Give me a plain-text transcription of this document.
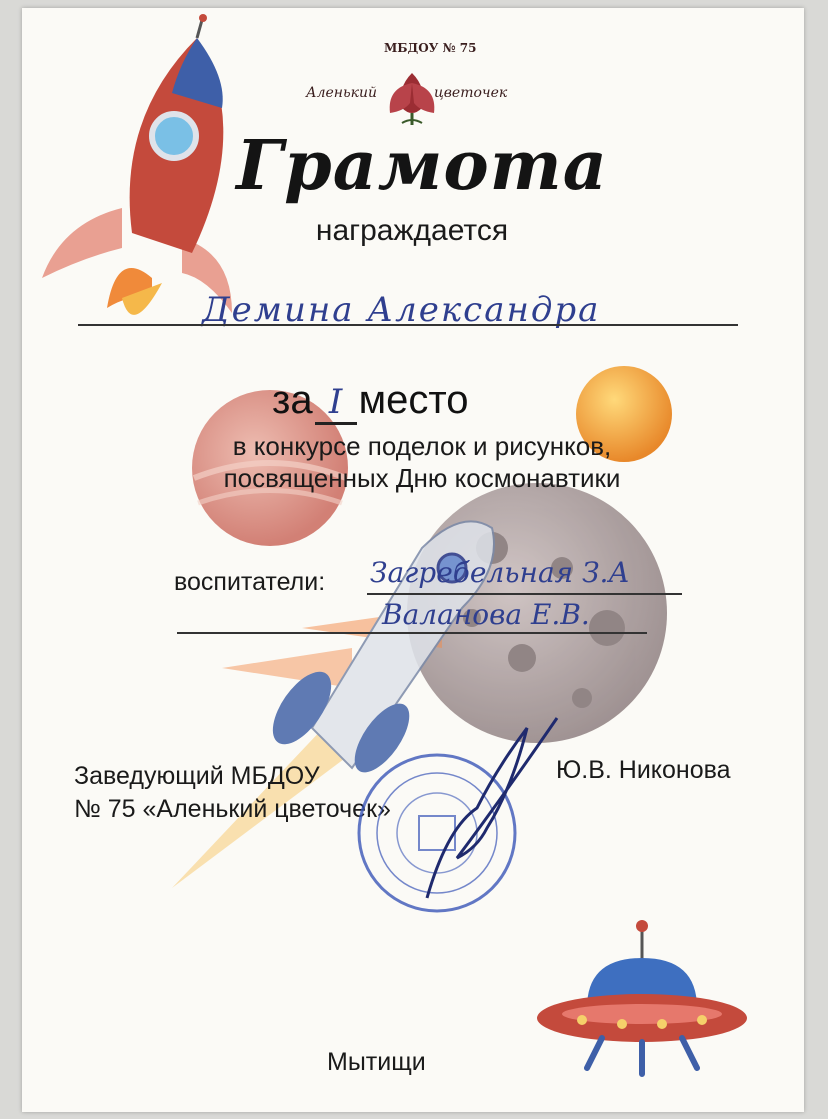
МБДОУ № 75
Аленький	цветочек
Грамота
награждается
Демина Александра
за I место
в конкурсе поделок и рисунков,
посвященных Дню космонавтики
воспитатели: Загребельная З.А
Валанова Е.В.
Заведующий МБДОУ
№ 75 «Аленький цветочек»
Ю.В. Никонова
Мытищи
